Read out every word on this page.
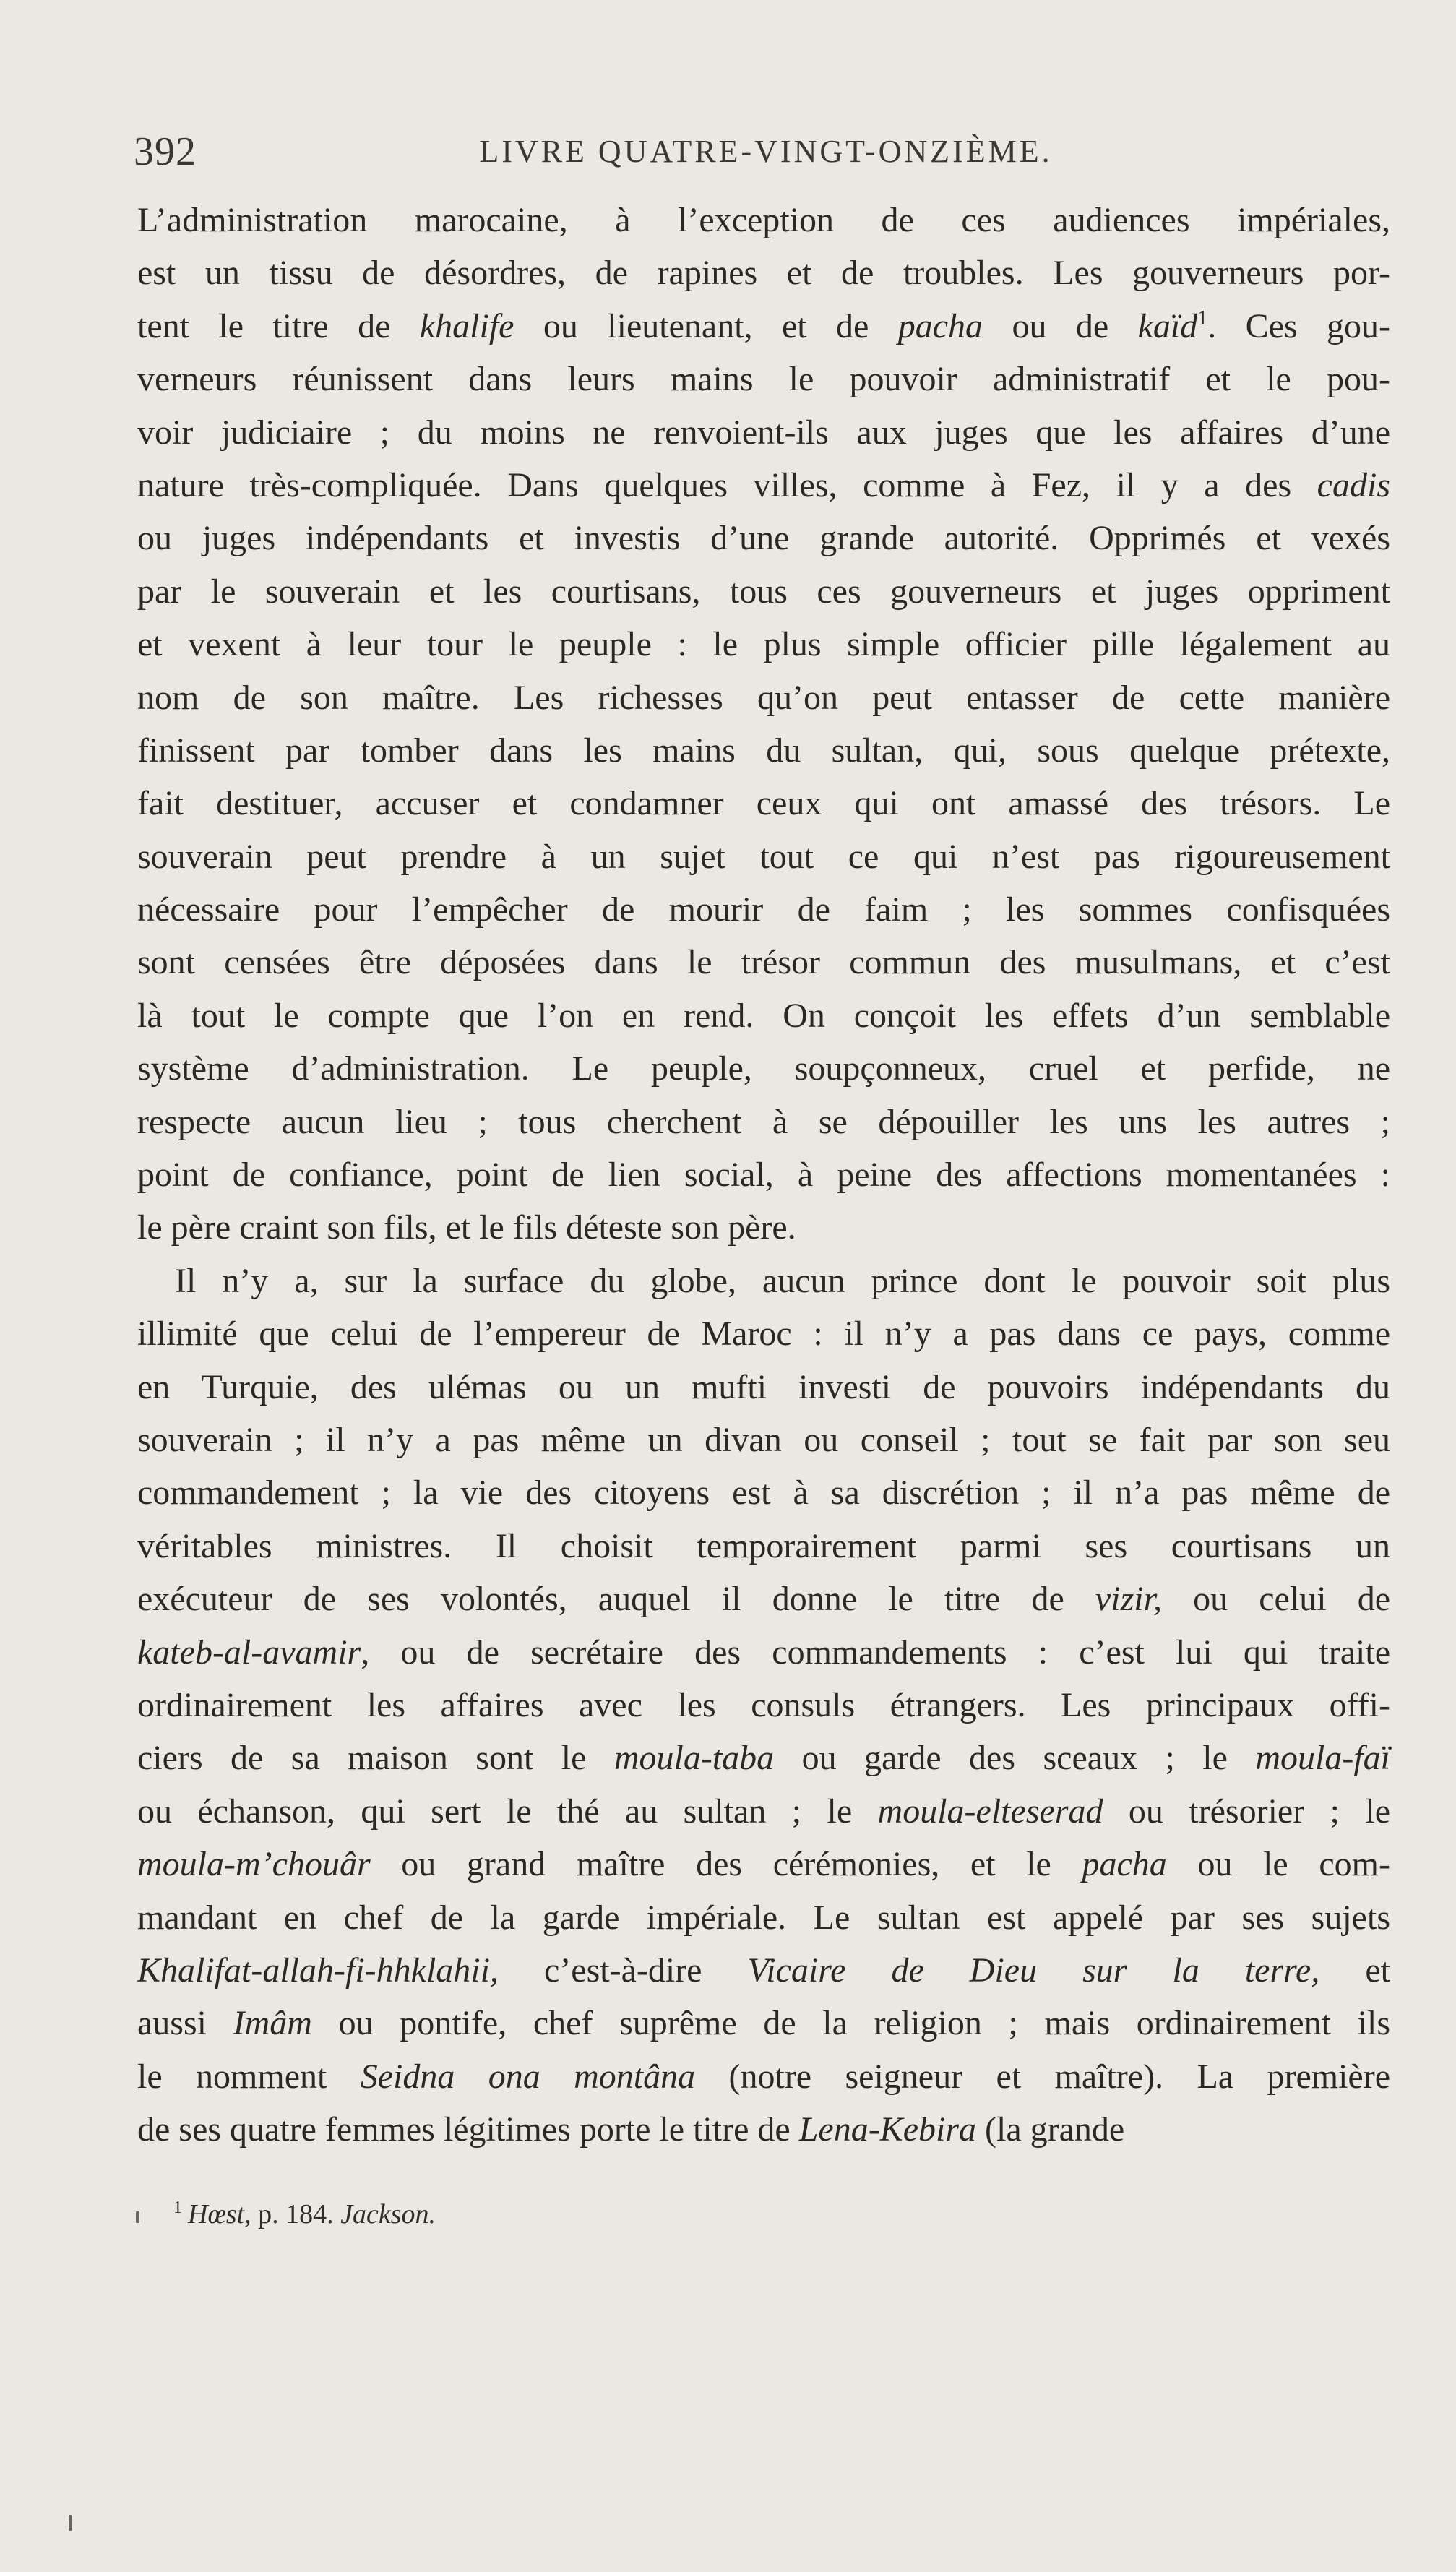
392	LIVRE QUATRE-VINGT-ONZIÈME.
L’administration marocaine, à l’exception de ces audiences impériales,
est un tissu de désordres, de rapines et de troubles. Les gouverneurs por-
tent le titre de khalife ou lieutenant, et de pacha ou de kaïd$^1$. Ces gou-
verneurs réunissent dans leurs mains le pouvoir administratif et le pou-
voir judiciaire ; du moins ne renvoient-ils aux juges que les affaires d’une
nature très-compliquée. Dans quelques villes, comme à Fez, il y a des cadis
ou juges indépendants et investis d’une grande autorité. Opprimés et vexés
par le souverain et les courtisans, tous ces gouverneurs et juges oppriment
et vexent à leur tour le peuple : le plus simple officier pille légalement au
nom de son maître. Les richesses qu’on peut entasser de cette manière
finissent par tomber dans les mains du sultan, qui, sous quelque prétexte,
fait destituer, accuser et condamner ceux qui ont amassé des trésors. Le
souverain peut prendre à un sujet tout ce qui n’est pas rigoureusement
nécessaire pour l’empêcher de mourir de faim ; les sommes confisquées
sont censées être déposées dans le trésor commun des musulmans, et c’est
là tout le compte que l’on en rend. On conçoit les effets d’un semblable
système d’administration. Le peuple, soupçonneux, cruel et perfide, ne
respecte aucun lieu ; tous cherchent à se dépouiller les uns les autres ;
point de confiance, point de lien social, à peine des affections momentanées :
le père craint son fils, et le fils déteste son père.
Il n’y a, sur la surface du globe, aucun prince dont le pouvoir soit plus
illimité que celui de l’empereur de Maroc : il n’y a pas dans ce pays, comme
en Turquie, des ulémas ou un mufti investi de pouvoirs indépendants du
souverain ; il n’y a pas même un divan ou conseil ; tout se fait par son seu
commandement ; la vie des citoyens est à sa discrétion ; il n’a pas même de
véritables ministres. Il choisit temporairement parmi ses courtisans un
exécuteur de ses volontés, auquel il donne le titre de vizir, ou celui de
kateb-al-avamir, ou de secrétaire des commandements : c’est lui qui traite
ordinairement les affaires avec les consuls étrangers. Les principaux offi-
ciers de sa maison sont le moula-taba ou garde des sceaux ; le moula-faï
ou échanson, qui sert le thé au sultan ; le moula-elteserad ou trésorier ; le
moula-m’chouâr ou grand maître des cérémonies, et le pacha ou le com-
mandant en chef de la garde impériale. Le sultan est appelé par ses sujets
Khalifat-allah-fi-hhklahii, c’est-à-dire Vicaire de Dieu sur la terre, et
aussi Imâm ou pontife, chef suprême de la religion ; mais ordinairement ils
le nomment Seidna ona montâna (notre seigneur et maître). La première
de ses quatre femmes légitimes porte le titre de Lena-Kebira (la grande
$^1$ Hœst, p. 184. Jackson.
